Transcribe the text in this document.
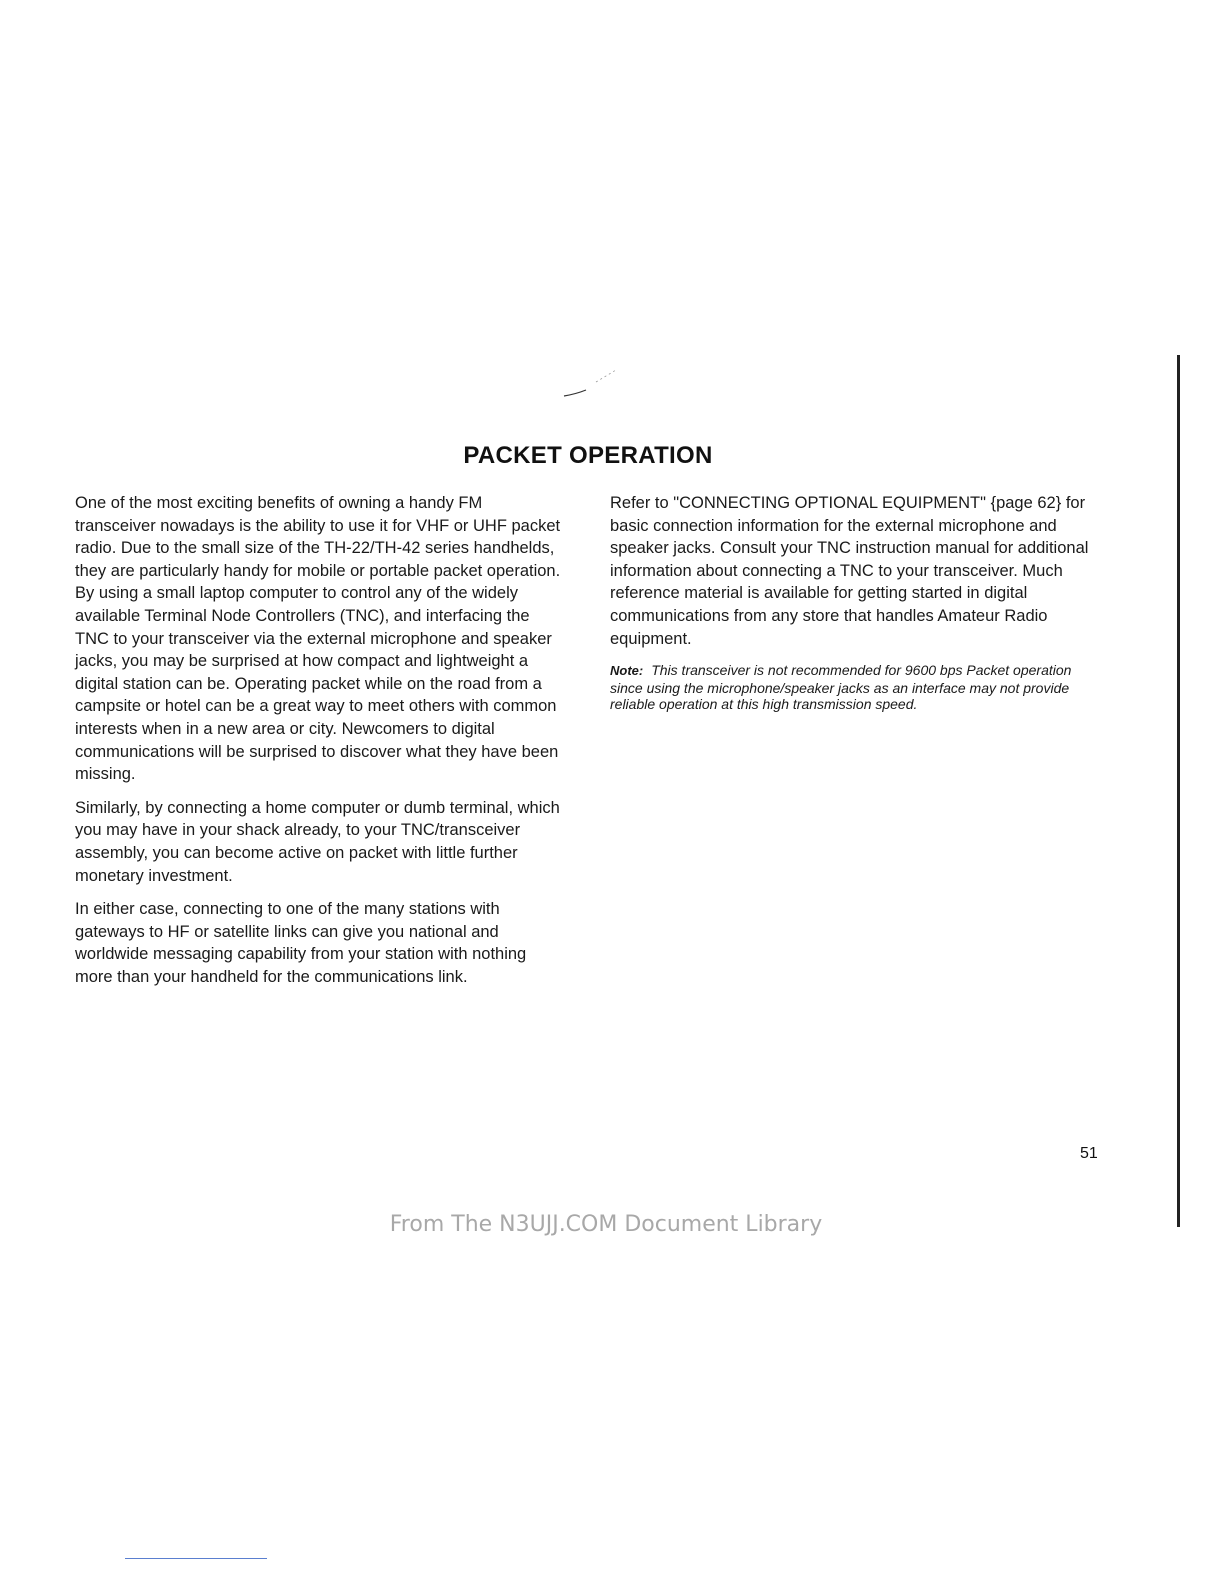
PACKET OPERATION

One of the most exciting benefits of owning a handy FM transceiver nowadays is the ability to use it for VHF or UHF packet radio. Due to the small size of the TH-22/TH-42 series handhelds, they are particularly handy for mobile or portable packet operation. By using a small laptop computer to control any of the widely available Terminal Node Controllers (TNC), and interfacing the TNC to your transceiver via the external microphone and speaker jacks, you may be surprised at how compact and lightweight a digital station can be. Operating packet while on the road from a campsite or hotel can be a great way to meet others with common interests when in a new area or city. Newcomers to digital communications will be surprised to discover what they have been missing.

Similarly, by connecting a home computer or dumb terminal, which you may have in your shack already, to your TNC/transceiver assembly, you can become active on packet with little further monetary investment.

In either case, connecting to one of the many stations with gateways to HF or satellite links can give you national and worldwide messaging capability from your station with nothing more than your handheld for the communications link.

Refer to "CONNECTING OPTIONAL EQUIPMENT" {page 62} for basic connection information for the external microphone and speaker jacks. Consult your TNC instruction manual for additional information about connecting a TNC to your transceiver. Much reference material is available for getting started in digital communications from any store that handles Amateur Radio equipment.

Note: This transceiver is not recommended for 9600 bps Packet operation since using the microphone/speaker jacks as an interface may not provide reliable operation at this high transmission speed.
51
From The N3UJJ.COM Document Library
